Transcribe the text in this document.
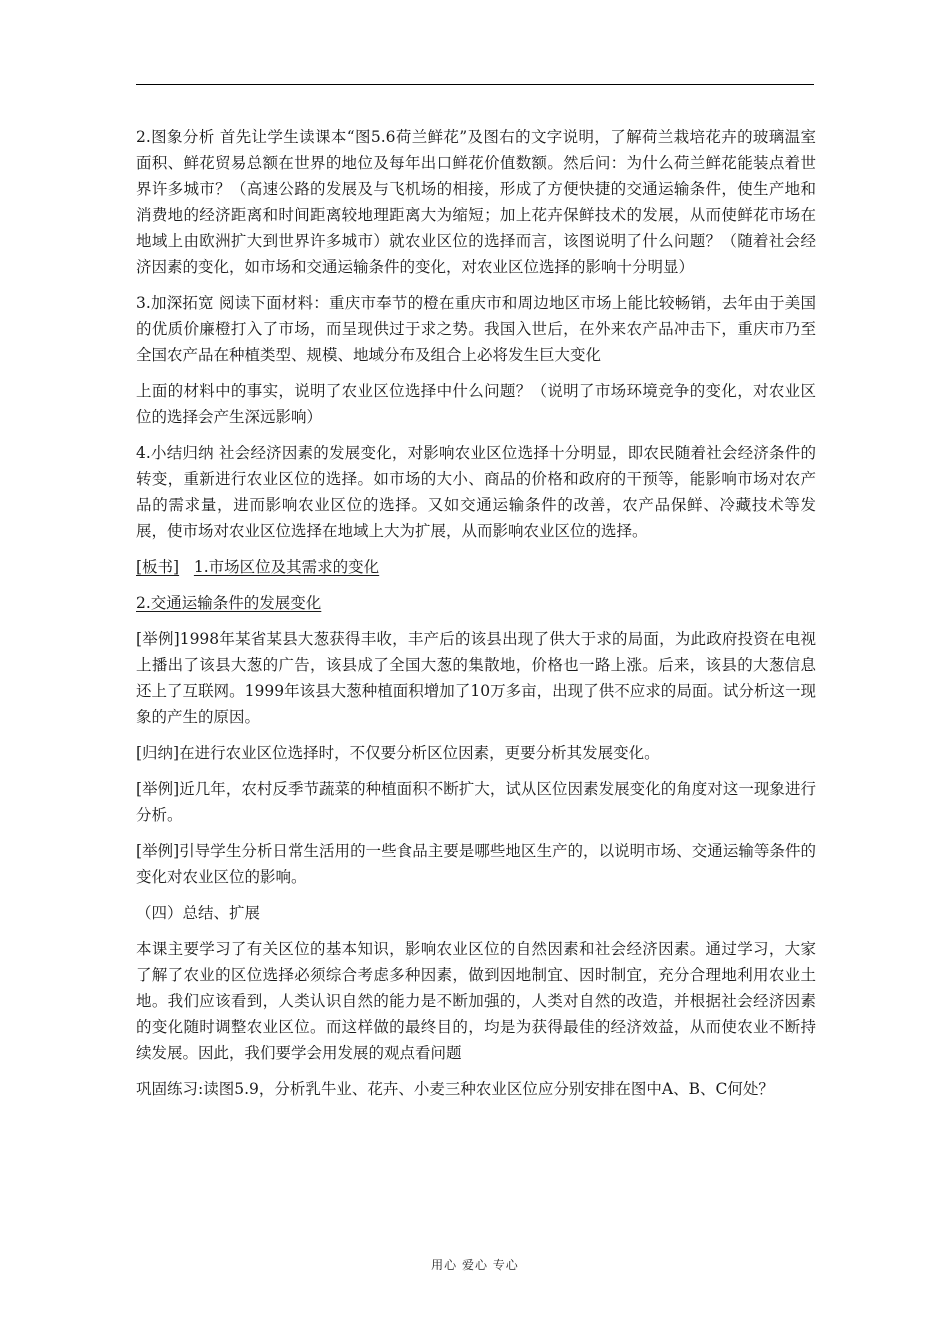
2.图象分析 首先让学生读课本“图5.6荷兰鲜花”及图右的文字说明，了解荷兰栽培花卉的玻璃温室面积、鲜花贸易总额在世界的地位及每年出口鲜花价值数额。然后问：为什么荷兰鲜花能装点着世界许多城市？（高速公路的发展及与飞机场的相接，形成了方便快捷的交通运输条件，使生产地和消费地的经济距离和时间距离较地理距离大为缩短；加上花卉保鲜技术的发展，从而使鲜花市场在地域上由欧洲扩大到世界许多城市）就农业区位的选择而言，该图说明了什么问题？（随着社会经济因素的变化，如市场和交通运输条件的变化，对农业区位选择的影响十分明显）

3.加深拓宽 阅读下面材料：重庆市奉节的橙在重庆市和周边地区市场上能比较畅销，去年由于美国的优质价廉橙打入了市场，而呈现供过于求之势。我国入世后，在外来农产品冲击下，重庆市乃至全国农产品在种植类型、规模、地域分布及组合上必将发生巨大变化

上面的材料中的事实，说明了农业区位选择中什么问题？（说明了市场环境竞争的变化，对农业区位的选择会产生深远影响）

4.小结归纳 社会经济因素的发展变化，对影响农业区位选择十分明显，即农民随着社会经济条件的转变，重新进行农业区位的选择。如市场的大小、商品的价格和政府的干预等，能影响市场对农产品的需求量，进而影响农业区位的选择。又如交通运输条件的改善，农产品保鲜、冷藏技术等发展，使市场对农业区位选择在地域上大为扩展，从而影响农业区位的选择。

[板书] 1.市场区位及其需求的变化

2.交通运输条件的发展变化

[举例]1998年某省某县大葱获得丰收，丰产后的该县出现了供大于求的局面，为此政府投资在电视上播出了该县大葱的广告，该县成了全国大葱的集散地，价格也一路上涨。后来，该县的大葱信息还上了互联网。1999年该县大葱种植面积增加了10万多亩，出现了供不应求的局面。试分析这一现象的产生的原因。

[归纳]在进行农业区位选择时，不仅要分析区位因素，更要分析其发展变化。

[举例]近几年，农村反季节蔬菜的种植面积不断扩大，试从区位因素发展变化的角度对这一现象进行分析。

[举例]引导学生分析日常生活用的一些食品主要是哪些地区生产的，以说明市场、交通运输等条件的变化对农业区位的影响。

（四）总结、扩展

本课主要学习了有关区位的基本知识，影响农业区位的自然因素和社会经济因素。通过学习，大家了解了农业的区位选择必须综合考虑多种因素，做到因地制宜、因时制宜，充分合理地利用农业土地。我们应该看到，人类认识自然的能力是不断加强的，人类对自然的改造，并根据社会经济因素的变化随时调整农业区位。而这样做的最终目的，均是为获得最佳的经济效益，从而使农业不断持续发展。因此，我们要学会用发展的观点看问题

巩固练习:读图5.9，分析乳牛业、花卉、小麦三种农业区位应分别安排在图中A、B、C何处？

用心 爱心 专心
